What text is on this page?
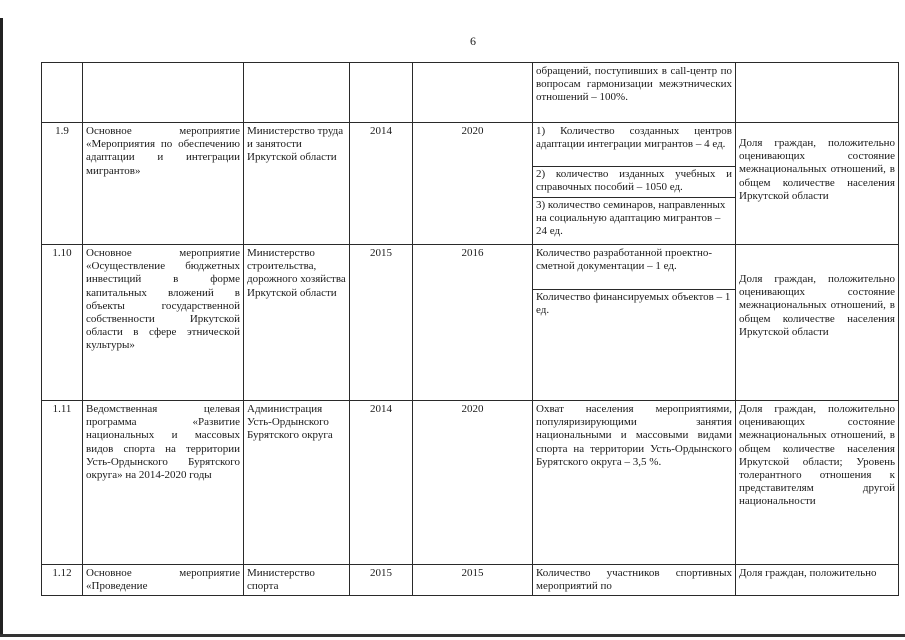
6
					обращений, поступивших в call-центр по вопросам гармонизации межэтнических отношений – 100%.	
1.9	Основное мероприятие «Мероприятия по обеспечению адаптации и интеграции мигрантов»	Министерство труда и занятости Иркутской области	2014	2020	1) Количество созданных центров адаптации интеграции мигрантов – 4 ед.
2) количество изданных учебных и справочных пособий – 1050 ед.
3) количество семинаров, направленных на социальную адаптацию мигрантов – 24 ед.	Доля граждан, положительно оценивающих состояние межнациональных отношений, в общем количестве населения Иркутской области
1.10	Основное мероприятие «Осуществление бюджетных инвестиций в форме капитальных вложений в объекты государственной собственности Иркутской области в сфере этнической культуры»	Министерство строительства, дорожного хозяйства Иркутской области	2015	2016	Количество разработанной проектно-сметной документации – 1 ед.
Количество финансируемых объектов – 1 ед.	Доля граждан, положительно оценивающих состояние межнациональных отношений, в общем количестве населения Иркутской области
1.11	Ведомственная целевая программа «Развитие национальных и массовых видов спорта на территории Усть-Ордынского Бурятского округа» на 2014-2020 годы	Администрация Усть-Ордынского Бурятского округа	2014	2020	Охват населения мероприятиями, популяризирующими занятия национальными и массовыми видами спорта на территории Усть-Ордынского Бурятского округа – 3,5 %.	Доля граждан, положительно оценивающих состояние межнациональных отношений, в общем количестве населения Иркутской области; Уровень толерантного отношения к представителям другой национальности
1.12	Основное мероприятие «Проведение	Министерство спорта	2015	2015	Количество участников спортивных мероприятий по	Доля граждан, положительно
